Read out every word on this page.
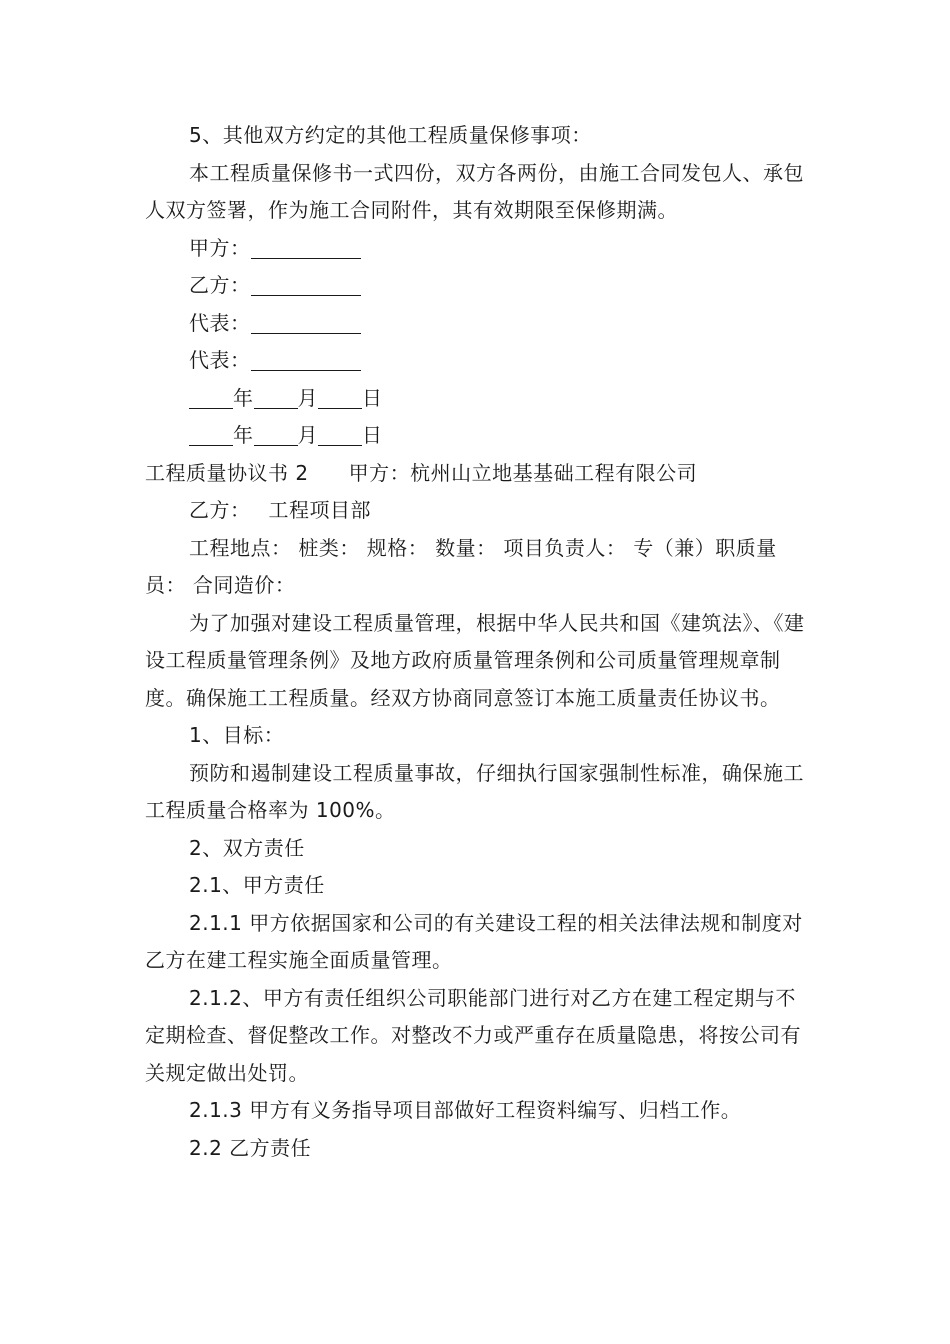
5、其他双方约定的其他工程质量保修事项：

本工程质量保修书一式四份，双方各两份，由施工合同发包人、承包人双方签署，作为施工合同附件，其有效期限至保修期满。

甲方：

乙方：

代表：

代表：

年 月 日

年 月 日

工程质量协议书 2 甲方：杭州山立地基基础工程有限公司

乙方： 工程项目部

工程地点： 桩类： 规格： 数量： 项目负责人： 专（兼）职质量员： 合同造价：

为了加强对建设工程质量管理，根据中华人民共和国《建筑法》、《建设工程质量管理条例》及地方政府质量管理条例和公司质量管理规章制度。确保施工工程质量。经双方协商同意签订本施工质量责任协议书。

1、目标：

预防和遏制建设工程质量事故，仔细执行国家强制性标准，确保施工工程质量合格率为 100%。

2、双方责任

2.1、甲方责任

2.1.1 甲方依据国家和公司的有关建设工程的相关法律法规和制度对乙方在建工程实施全面质量管理。

2.1.2、甲方有责任组织公司职能部门进行对乙方在建工程定期与不定期检查、督促整改工作。对整改不力或严重存在质量隐患，将按公司有关规定做出处罚。

2.1.3 甲方有义务指导项目部做好工程资料编写、归档工作。

2.2 乙方责任
